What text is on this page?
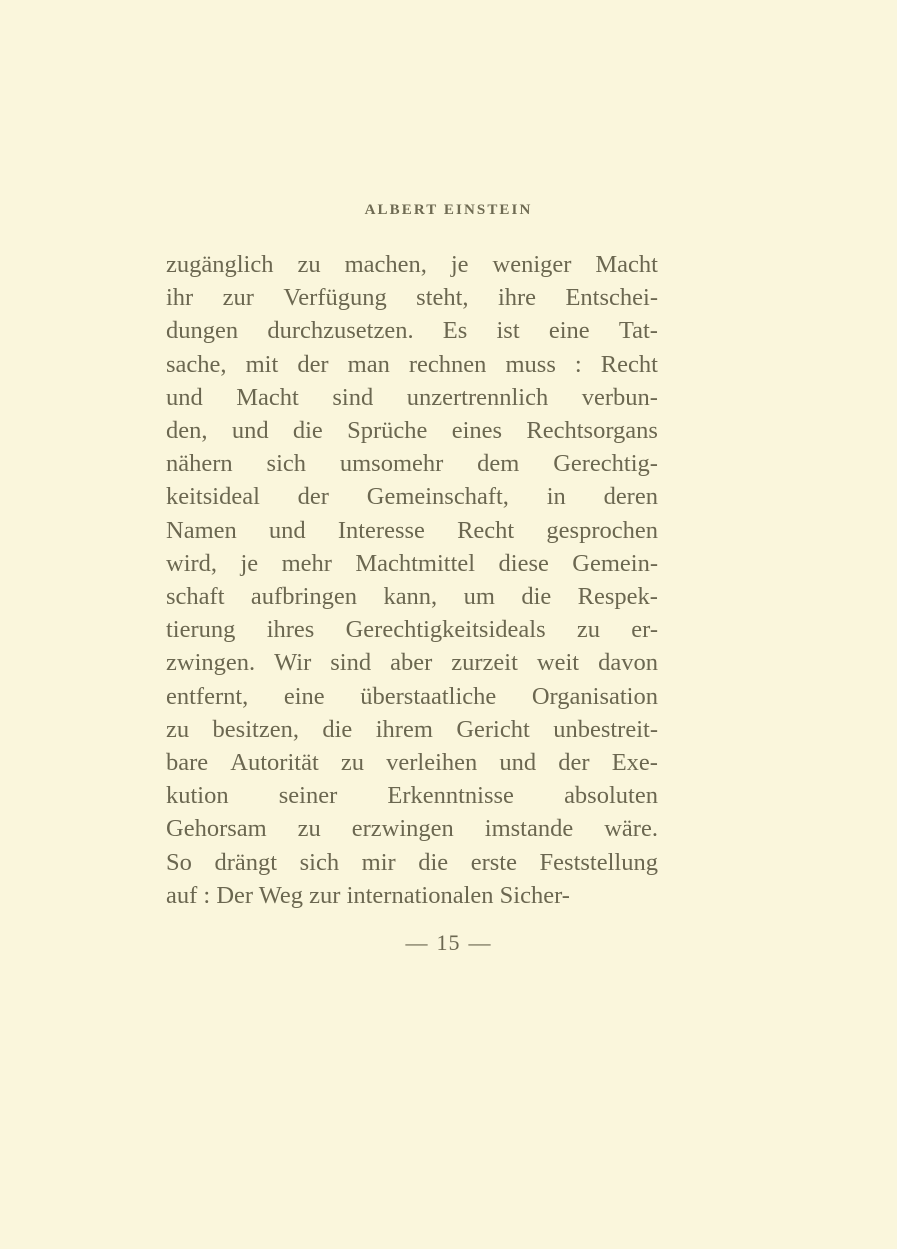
ALBERT EINSTEIN
zugänglich zu machen, je weniger Macht
ihr zur Verfügung steht, ihre Entschei-
dungen durchzusetzen. Es ist eine Tat-
sache, mit der man rechnen muss : Recht
und Macht sind unzertrennlich verbun-
den, und die Sprüche eines Rechtsorgans
nähern sich umsomehr dem Gerechtig-
keitsideal der Gemeinschaft, in deren
Namen und Interesse Recht gesprochen
wird, je mehr Machtmittel diese Gemein-
schaft aufbringen kann, um die Respek-
tierung ihres Gerechtigkeitsideals zu er-
zwingen. Wir sind aber zurzeit weit davon
entfernt, eine überstaatliche Organisation
zu besitzen, die ihrem Gericht unbestreit-
bare Autorität zu verleihen und der Exe-
kution seiner Erkenntnisse absoluten
Gehorsam zu erzwingen imstande wäre.
So drängt sich mir die erste Feststellung
auf : Der Weg zur internationalen Sicher-
— 15 —
